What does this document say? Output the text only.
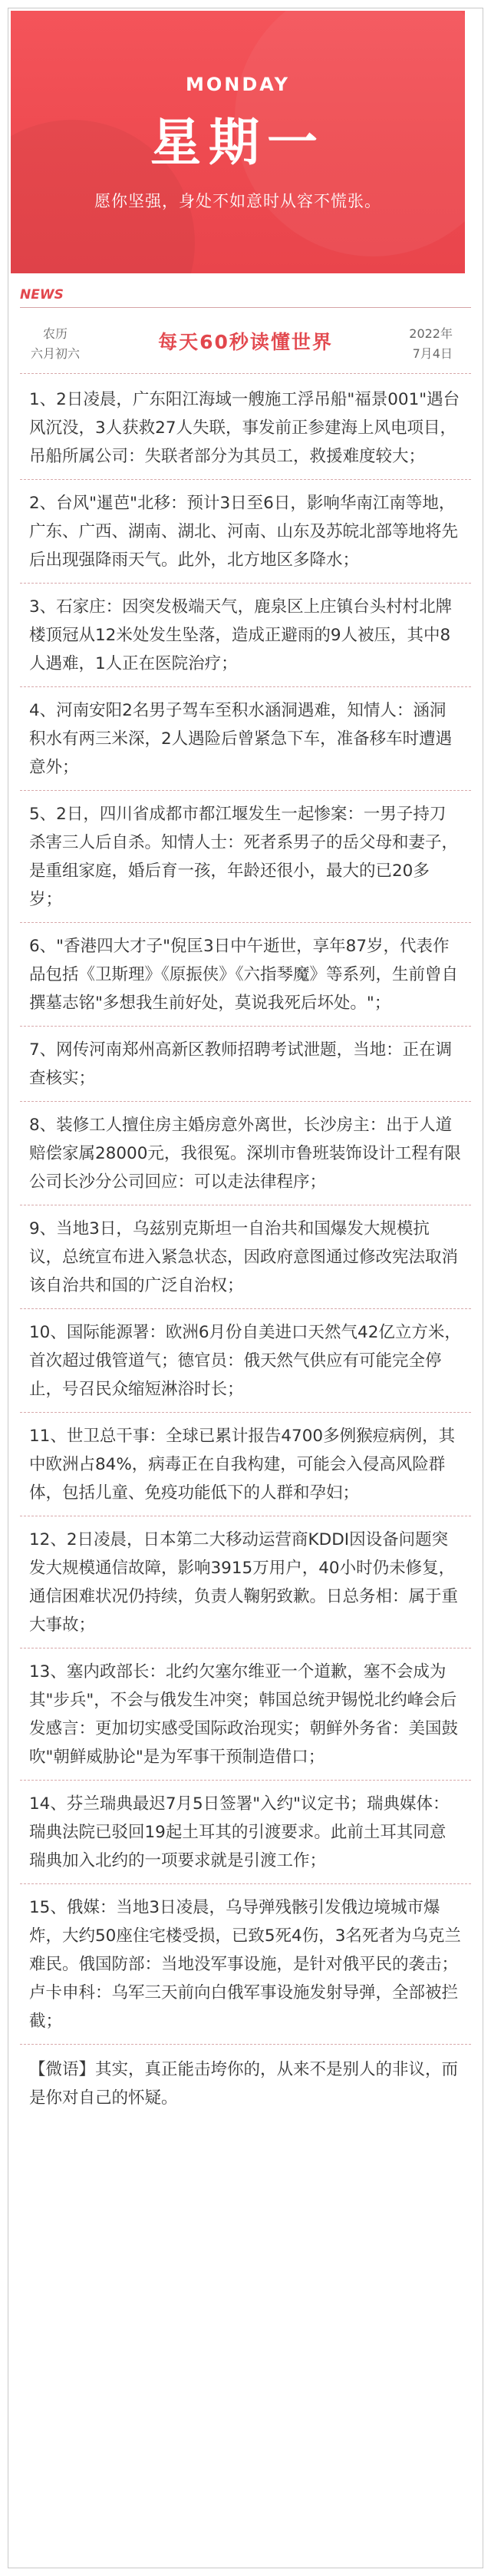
MONDAY
星期一
愿你坚强，身处不如意时从容不慌张。
NEWS
农历
六月初六
每天60秒读懂世界	2022年
7月4日

1、2日凌晨，广东阳江海域一艘施工浮吊船"福景001"遇台风沉没，3人获救27人失联，事发前正参建海上风电项目，吊船所属公司：失联者部分为其员工，救援难度较大；

2、台风"暹芭"北移：预计3日至6日，影响华南江南等地，广东、广西、湖南、湖北、河南、山东及苏皖北部等地将先后出现强降雨天气。此外，北方地区多降水；

3、石家庄：因突发极端天气，鹿泉区上庄镇台头村村北牌楼顶冠从12米处发生坠落，造成正避雨的9人被压，其中8人遇难，1人正在医院治疗；

4、河南安阳2名男子驾车至积水涵洞遇难，知情人：涵洞积水有两三米深，2人遇险后曾紧急下车，准备移车时遭遇意外；

5、2日，四川省成都市都江堰发生一起惨案：一男子持刀杀害三人后自杀。知情人士：死者系男子的岳父母和妻子，是重组家庭，婚后育一孩，年龄还很小，最大的已20多岁；

6、"香港四大才子"倪匡3日中午逝世，享年87岁，代表作品包括《卫斯理》《原振侠》《六指琴魔》等系列，生前曾自撰墓志铭"多想我生前好处，莫说我死后坏处。"；

7、网传河南郑州高新区教师招聘考试泄题，当地：正在调查核实；

8、装修工人擅住房主婚房意外离世，长沙房主：出于人道赔偿家属28000元，我很冤。深圳市鲁班装饰设计工程有限公司长沙分公司回应：可以走法律程序；

9、当地3日，乌兹别克斯坦一自治共和国爆发大规模抗议，总统宣布进入紧急状态，因政府意图通过修改宪法取消该自治共和国的广泛自治权；

10、国际能源署：欧洲6月份自美进口天然气42亿立方米，首次超过俄管道气；德官员：俄天然气供应有可能完全停止，号召民众缩短淋浴时长；

11、世卫总干事：全球已累计报告4700多例猴痘病例，其中欧洲占84%，病毒正在自我构建，可能会入侵高风险群体，包括儿童、免疫功能低下的人群和孕妇；

12、2日凌晨，日本第二大移动运营商KDDI因设备问题突发大规模通信故障，影响3915万用户，40小时仍未修复，通信困难状况仍持续，负责人鞠躬致歉。日总务相：属于重大事故；

13、塞内政部长：北约欠塞尔维亚一个道歉，塞不会成为其"步兵"，不会与俄发生冲突；韩国总统尹锡悦北约峰会后发感言：更加切实感受国际政治现实；朝鲜外务省：美国鼓吹"朝鲜威胁论"是为军事干预制造借口；

14、芬兰瑞典最迟7月5日签署"入约"议定书；瑞典媒体：瑞典法院已驳回19起土耳其的引渡要求。此前土耳其同意瑞典加入北约的一项要求就是引渡工作；

15、俄媒：当地3日凌晨，乌导弹残骸引发俄边境城市爆炸，大约50座住宅楼受损，已致5死4伤，3名死者为乌克兰难民。俄国防部：当地没军事设施，是针对俄平民的袭击；卢卡申科：乌军三天前向白俄军事设施发射导弹，全部被拦截；

【微语】其实，真正能击垮你的，从来不是别人的非议，而是你对自己的怀疑。
